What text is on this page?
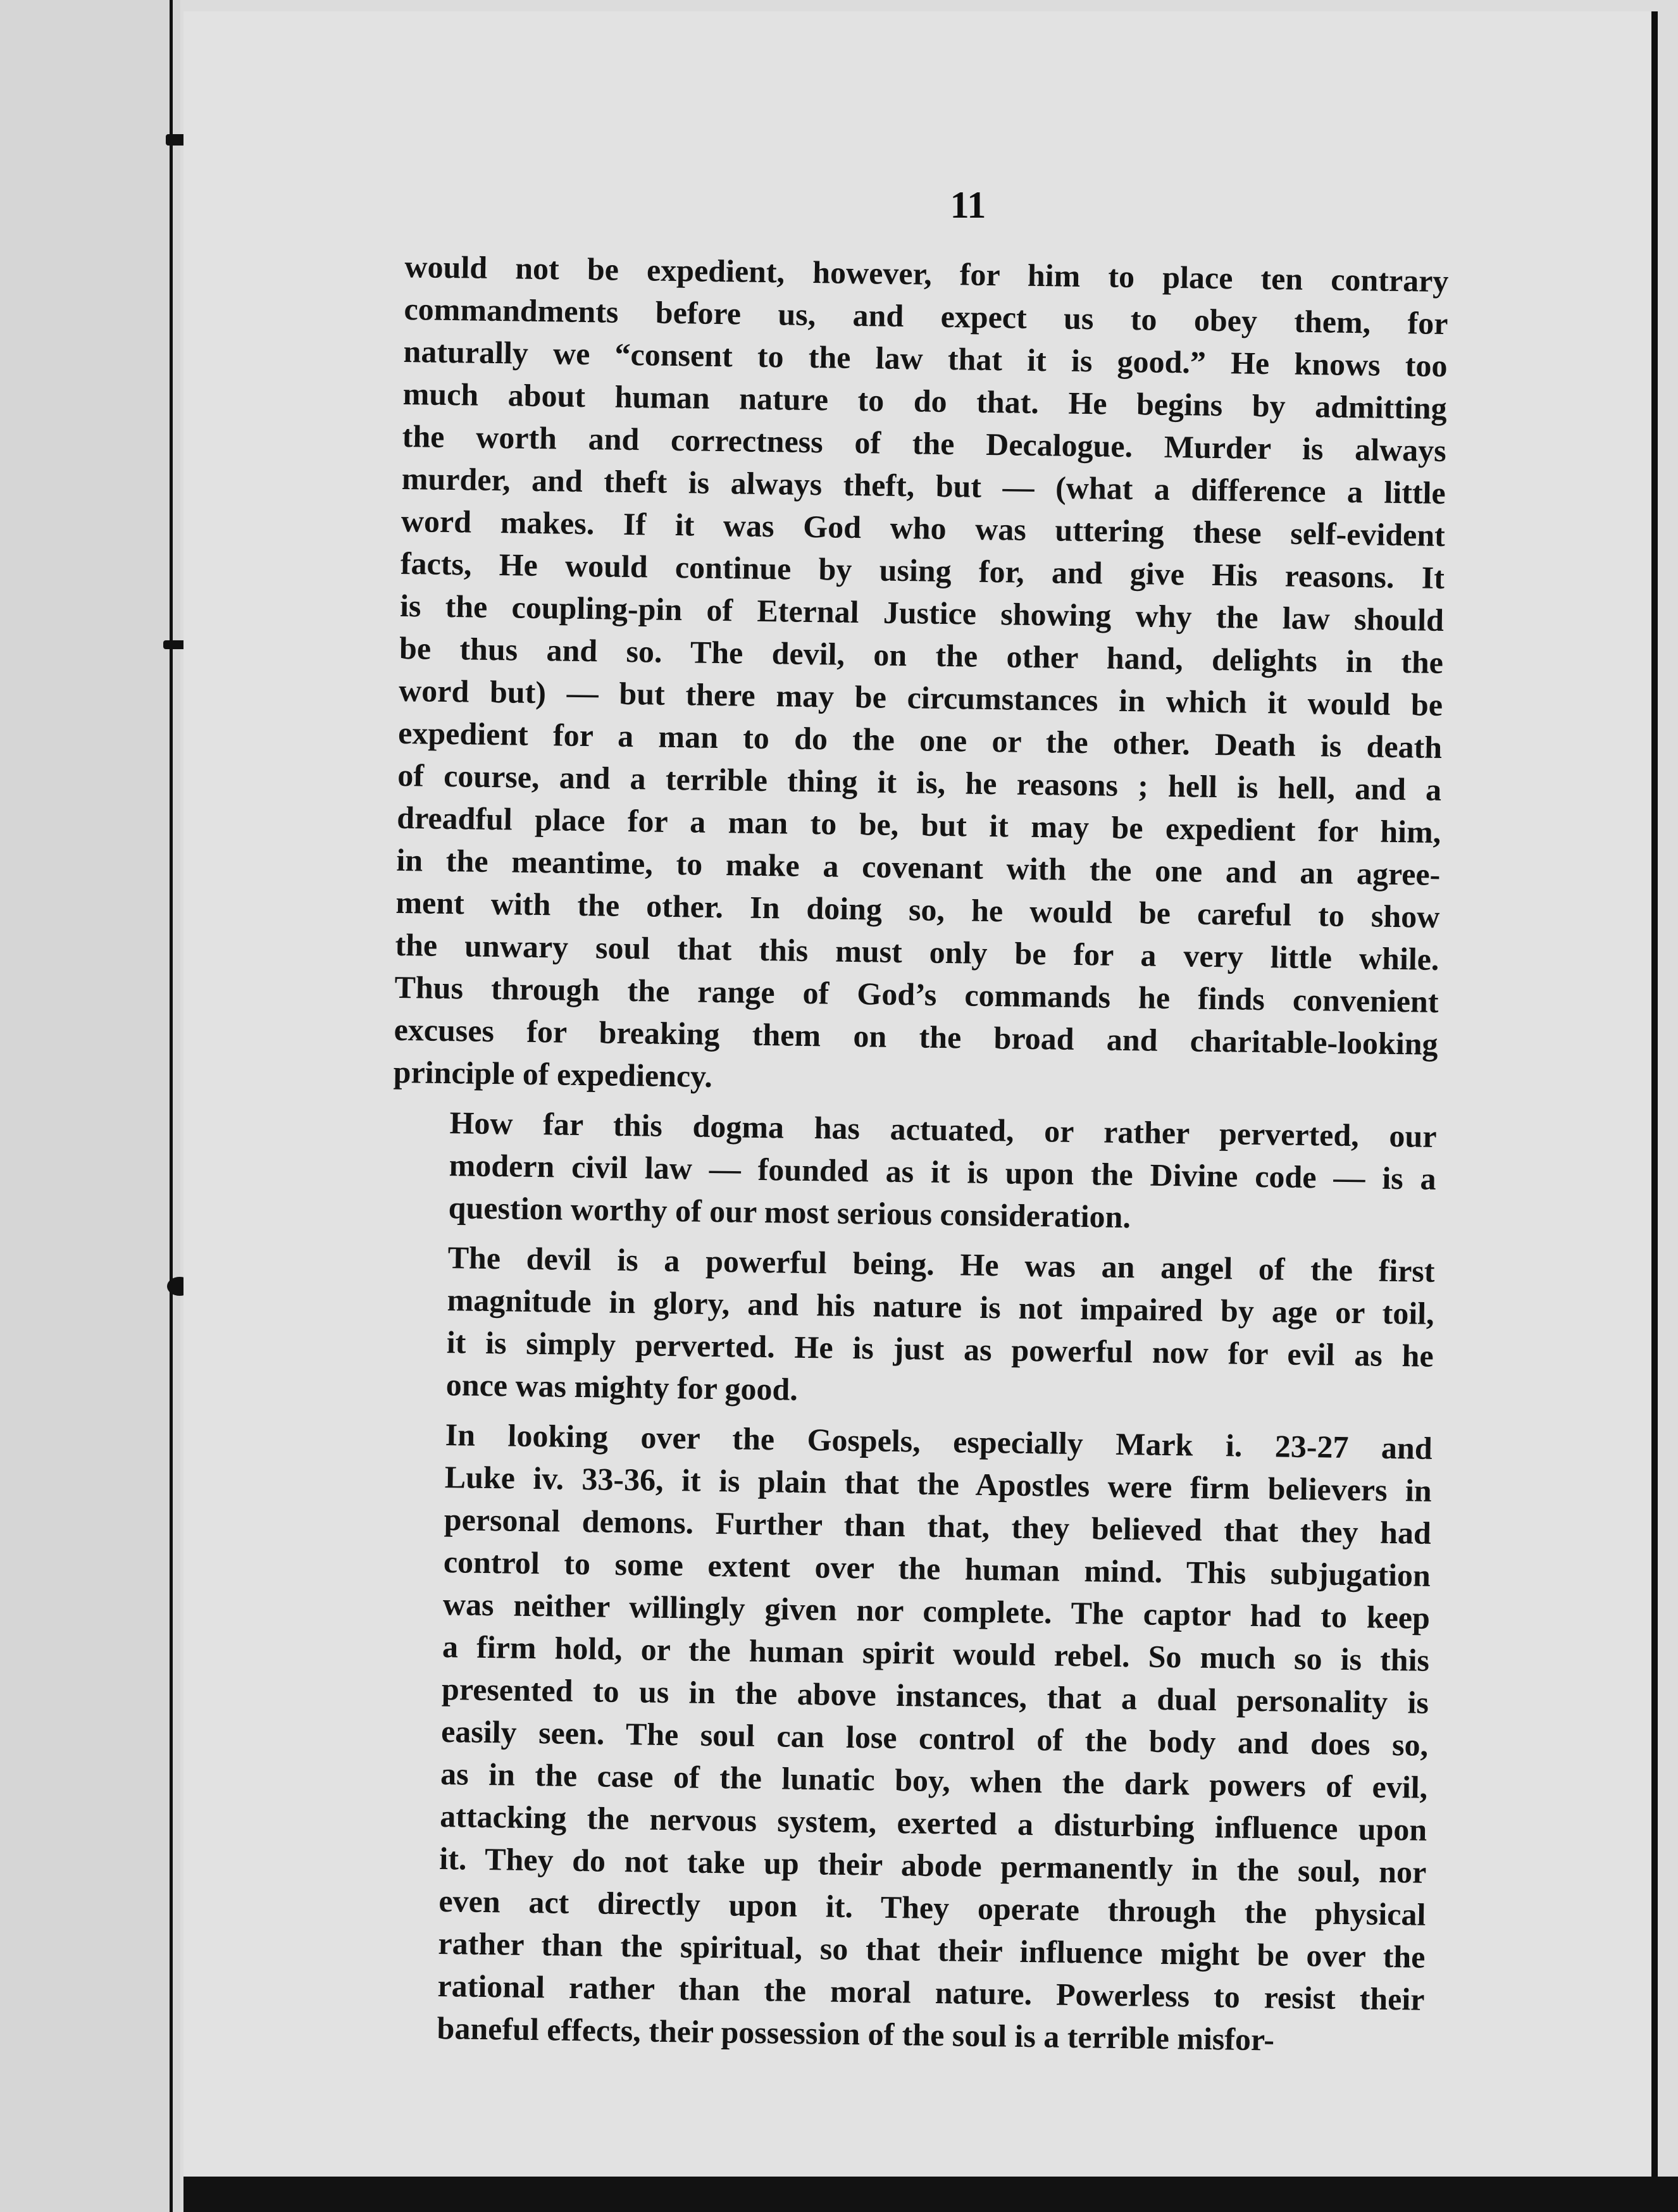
11
would not be expedient, however, for him to place ten contrary
commandments before us, and expect us to obey them, for
naturally we “consent to the law that it is good.” He knows too
much about human nature to do that. He begins by admitting
the worth and correctness of the Decalogue. Murder is always
murder, and theft is always theft, but — (what a difference a little
word makes. If it was God who was uttering these self-evident
facts, He would continue by using for, and give His reasons. It
is the coupling-pin of Eternal Justice showing why the law should
be thus and so. The devil, on the other hand, delights in the
word but) — but there may be circumstances in which it would be
expedient for a man to do the one or the other. Death is death
of course, and a terrible thing it is, he reasons ; hell is hell, and a
dreadful place for a man to be, but it may be expedient for him,
in the meantime, to make a covenant with the one and an agree-
ment with the other. In doing so, he would be careful to show
the unwary soul that this must only be for a very little while.
Thus through the range of God’s commands he finds convenient
excuses for breaking them on the broad and charitable-looking
principle of expediency.
How far this dogma has actuated, or rather perverted, our
modern civil law — founded as it is upon the Divine code — is a
question worthy of our most serious consideration.
The devil is a powerful being. He was an angel of the first
magnitude in glory, and his nature is not impaired by age or toil,
it is simply perverted. He is just as powerful now for evil as he
once was mighty for good.
In looking over the Gospels, especially Mark i. 23-27 and
Luke iv. 33-36, it is plain that the Apostles were firm believers in
personal demons. Further than that, they believed that they had
control to some extent over the human mind. This subjugation
was neither willingly given nor complete. The captor had to keep
a firm hold, or the human spirit would rebel. So much so is this
presented to us in the above instances, that a dual personality is
easily seen. The soul can lose control of the body and does so,
as in the case of the lunatic boy, when the dark powers of evil,
attacking the nervous system, exerted a disturbing influence upon
it. They do not take up their abode permanently in the soul, nor
even act directly upon it. They operate through the physical
rather than the spiritual, so that their influence might be over the
rational rather than the moral nature. Powerless to resist their
baneful effects, their possession of the soul is a terrible misfor-
